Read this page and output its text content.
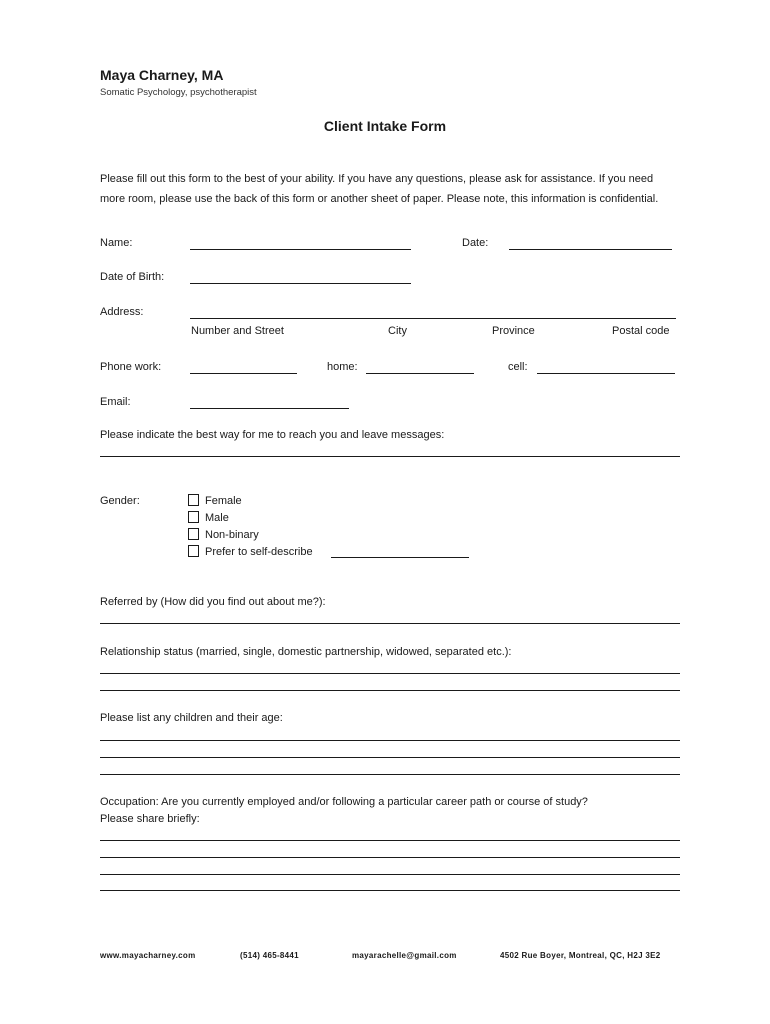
Maya Charney, MA
Somatic Psychology, psychotherapist
Client Intake Form
Please fill out this form to the best of your ability. If you have any questions, please ask for assistance. If you need more room, please use the back of this form or another sheet of paper. Please note, this information is confidential.
Name:	Date:
Date of Birth:
Address:
Number and Street	City	Province	Postal code
Phone work:	home:	cell:
Email:
Please indicate the best way for me to reach you and leave messages:
Gender:	Female
Male
Non-binary
Prefer to self-describe
Referred by (How did you find out about me?):
Relationship status (married, single, domestic partnership, widowed, separated etc.):
Please list any children and their age:
Occupation: Are you currently employed and/or following a particular career path or course of study?
Please share briefly:
www.mayacharney.com	(514) 465-8441	mayarachelle@gmail.com	4502 Rue Boyer, Montreal, QC, H2J 3E2
